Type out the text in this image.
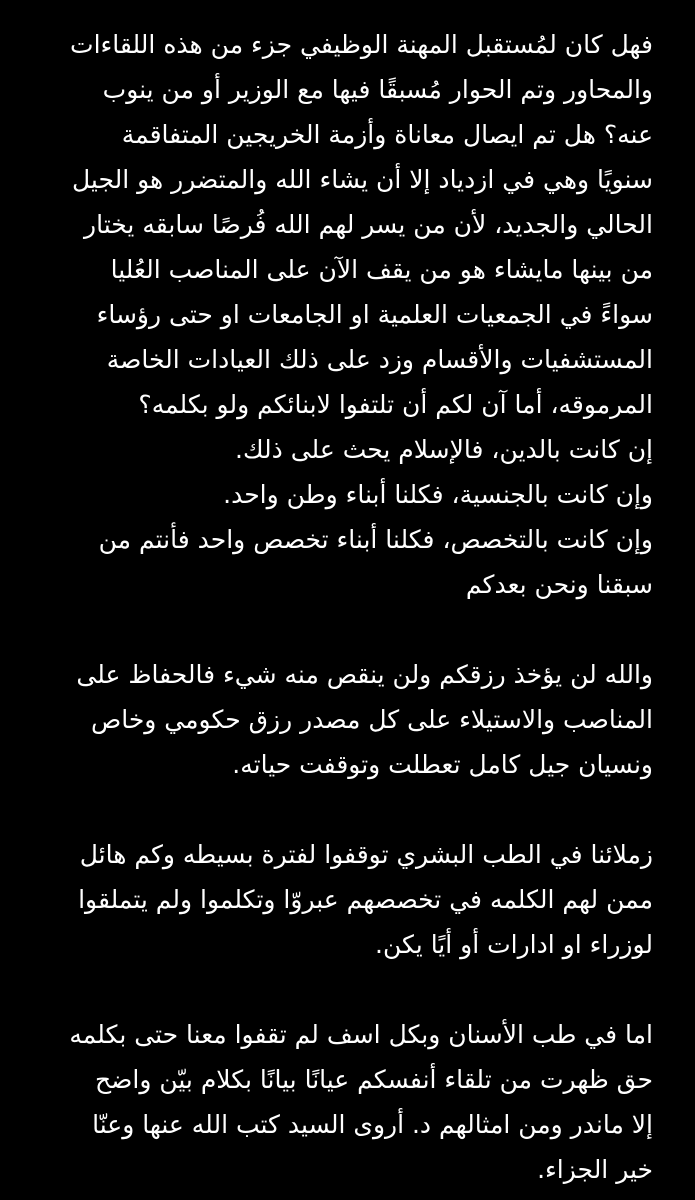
فهل كان لمُستقبل المهنة الوظيفي جزء من هذه اللقاءات
والمحاور وتم الحوار مُسبقًا فيها مع الوزير أو من ينوب
عنه؟ هل تم ايصال معاناة وأزمة الخريجين المتفاقمة
سنويًا وهي في ازدياد إلا أن يشاء الله والمتضرر هو الجيل
الحالي والجديد، لأن من يسر لهم الله فُرصًا سابقه يختار
من بينها مايشاء هو من يقف الآن على المناصب العُليا
سواءً في الجمعيات العلمية او الجامعات او حتى رؤساء
المستشفيات والأقسام وزد على ذلك العيادات الخاصة
المرموقه، أما آن لكم أن تلتفوا لابنائكم ولو بكلمه؟
إن كانت بالدين، فالإسلام يحث على ذلك.
وإن كانت بالجنسية، فكلنا أبناء وطن واحد.
وإن كانت بالتخصص، فكلنا أبناء تخصص واحد فأنتم من
سبقنا ونحن بعدكم
والله لن يؤخذ رزقكم ولن ينقص منه شيء فالحفاظ على
المناصب والاستيلاء على كل مصدر رزق حكومي وخاص
ونسيان جيل كامل تعطلت وتوقفت حياته.
زملائنا في الطب البشري توقفوا لفترة بسيطه وكم هائل
ممن لهم الكلمه في تخصصهم عبروّا وتكلموا ولم يتملقوا
لوزراء او ادارات أو أيًا يكن.
اما في طب الأسنان وبكل اسف لم تقفوا معنا حتى بكلمه
حق ظهرت من تلقاء أنفسكم عيانًا بيانًا بكلام بيّن واضح
إلا ماندر ومن امثالهم د. أروى السيد كتب الله عنها وعنّا
خير الجزاء.
